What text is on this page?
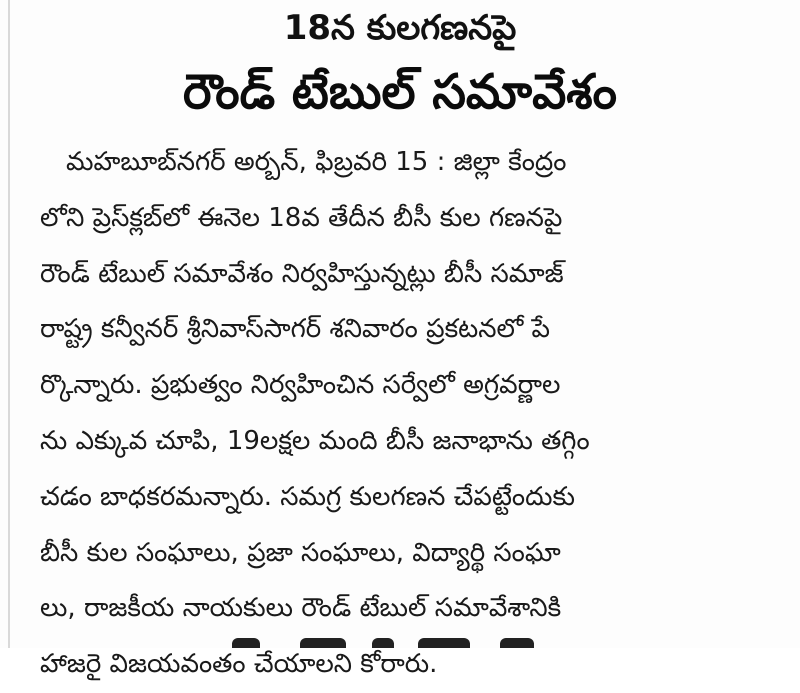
18న కులగణనపై
రౌండ్ టేబుల్ సమావేశం
మహబూబ్‌నగర్ అర్బన్, ఫిబ్రవరి 15 : జిల్లా కేంద్రం
లోని ప్రెస్‌క్లబ్‌లో ఈనెల 18వ తేదీన బీసీ కుల గణనపై
రౌండ్ టేబుల్ సమావేశం నిర్వహిస్తున్నట్లు బీసీ సమాజ్
రాష్ట్ర కన్వీనర్ శ్రీనివాస్‌సాగర్ శనివారం ప్రకటనలో పే
ర్కొన్నారు. ప్రభుత్వం నిర్వహించిన సర్వేలో అగ్రవర్ణాల
ను ఎక్కువ చూపి, 19లక్షల మంది బీసీ జనాభాను తగ్గిం
చడం బాధకరమన్నారు. సమగ్ర కులగణన చేపట్టేందుకు
బీసీ కుల సంఘాలు, ప్రజా సంఘాలు, విద్యార్థి సంఘా
లు, రాజకీయ నాయకులు రౌండ్ టేబుల్ సమావేశానికి
హాజరై విజయవంతం చేయాలని కోరారు.
